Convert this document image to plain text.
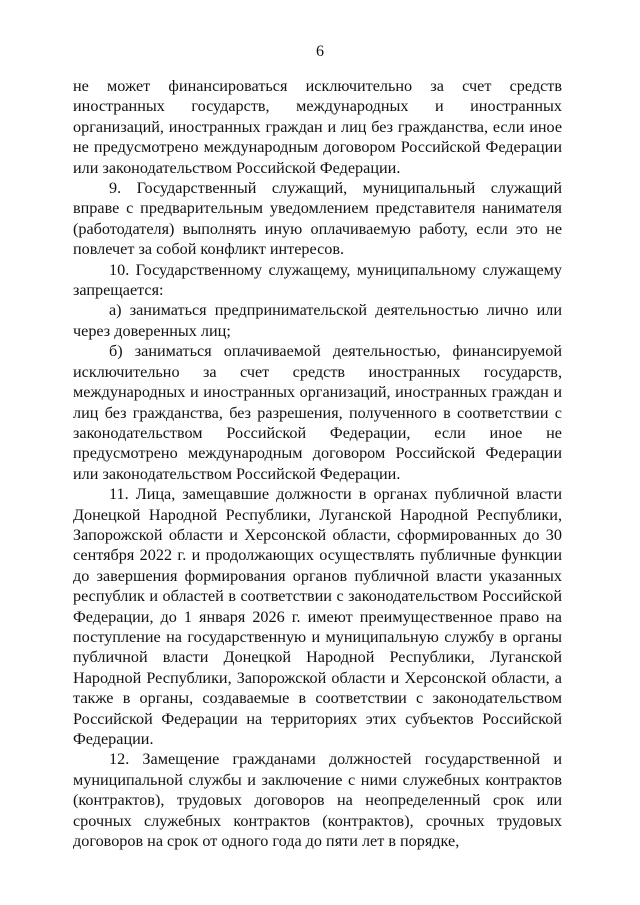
6

не может финансироваться исключительно за счет средств иностранных государств, международных и иностранных организаций, иностранных граждан и лиц без гражданства, если иное не предусмотрено международным договором Российской Федерации или законодательством Российской Федерации.

9. Государственный служащий, муниципальный служащий вправе с предварительным уведомлением представителя нанимателя (работодателя) выполнять иную оплачиваемую работу, если это не повлечет за собой конфликт интересов.

10. Государственному служащему, муниципальному служащему запрещается:

а) заниматься предпринимательской деятельностью лично или через доверенных лиц;

б) заниматься оплачиваемой деятельностью, финансируемой исключительно за счет средств иностранных государств, международных и иностранных организаций, иностранных граждан и лиц без гражданства, без разрешения, полученного в соответствии с законодательством Российской Федерации, если иное не предусмотрено международным договором Российской Федерации или законодательством Российской Федерации.

11. Лица, замещавшие должности в органах публичной власти Донецкой Народной Республики, Луганской Народной Республики, Запорожской области и Херсонской области, сформированных до 30 сентября 2022 г. и продолжающих осуществлять публичные функции до завершения формирования органов публичной власти указанных республик и областей в соответствии с законодательством Российской Федерации, до 1 января 2026 г. имеют преимущественное право на поступление на государственную и муниципальную службу в органы публичной власти Донецкой Народной Республики, Луганской Народной Республики, Запорожской области и Херсонской области, а также в органы, создаваемые в соответствии с законодательством Российской Федерации на территориях этих субъектов Российской Федерации.

12. Замещение гражданами должностей государственной и муниципальной службы и заключение с ними служебных контрактов (контрактов), трудовых договоров на неопределенный срок или срочных служебных контрактов (контрактов), срочных трудовых договоров на срок от одного года до пяти лет в порядке,
